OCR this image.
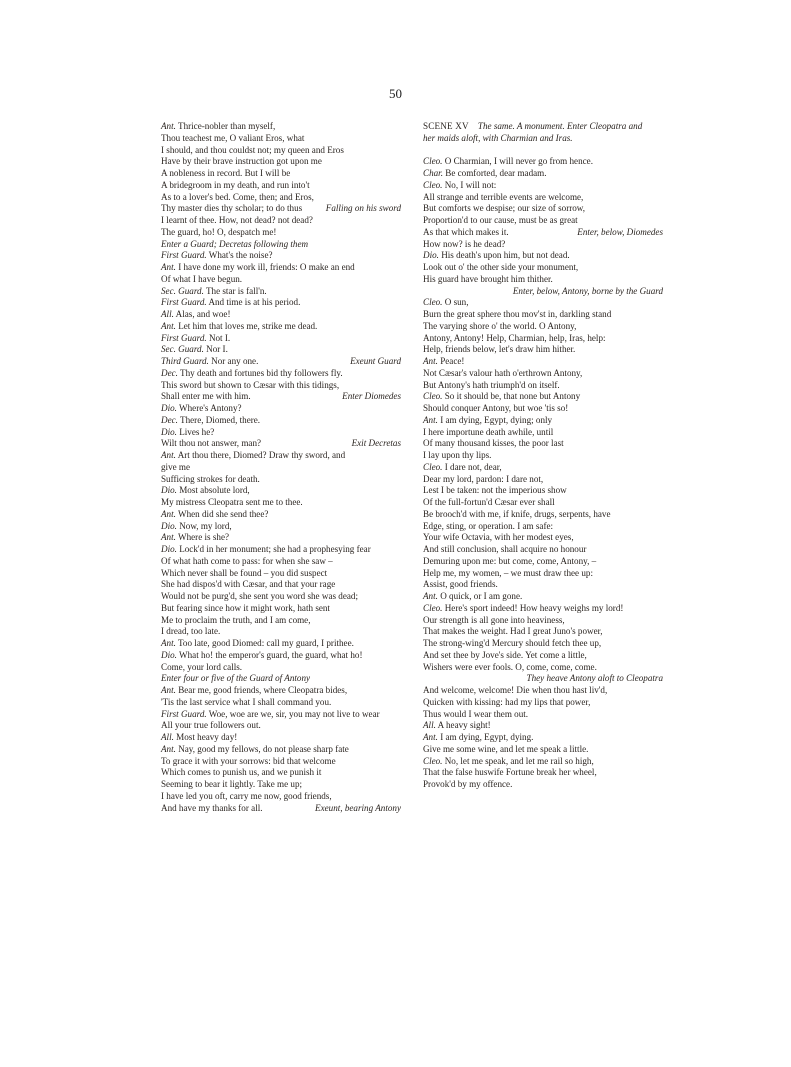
50
Ant. Thrice-nobler than myself,
Thou teachest me, O valiant Eros, what
I should, and thou couldst not; my queen and Eros
Have by their brave instruction got upon me
A nobleness in record. But I will be
A bridegroom in my death, and run into't
As to a lover's bed. Come, then; and Eros,
Thy master dies thy scholar; to do thus	Falling on his sword
I learnt of thee. How, not dead? not dead?
The guard, ho! O, despatch me!
Enter a Guard; Decretas following them
First Guard. What's the noise?
Ant. I have done my work ill, friends: O make an end
Of what I have begun.
Sec. Guard. The star is fall'n.
First Guard. And time is at his period.
All. Alas, and woe!
Ant. Let him that loves me, strike me dead.
First Guard. Not I.
Sec. Guard. Nor I.
Third Guard. Nor any one.	Exeunt Guard
Dec. Thy death and fortunes bid thy followers fly.
This sword but shown to Cæsar with this tidings,
Shall enter me with him.	Enter Diomedes
Dio. Where's Antony?
Dec. There, Diomed, there.
Dio. Lives he?
Wilt thou not answer, man?	Exit Decretas
Ant. Art thou there, Diomed? Draw thy sword, and
give me
Sufficing strokes for death.
Dio. Most absolute lord,
My mistress Cleopatra sent me to thee.
Ant. When did she send thee?
Dio. Now, my lord,
Ant. Where is she?
Dio. Lock'd in her monument; she had a prophesying fear
Of what hath come to pass: for when she saw –
Which never shall be found – you did suspect
She had dispos'd with Cæsar, and that your rage
Would not be purg'd, she sent you word she was dead;
But fearing since how it might work, hath sent
Me to proclaim the truth, and I am come,
I dread, too late.
Ant. Too late, good Diomed: call my guard, I prithee.
Dio. What ho! the emperor's guard, the guard, what ho!
Come, your lord calls.
Enter four or five of the Guard of Antony
Ant. Bear me, good friends, where Cleopatra bides,
'Tis the last service what I shall command you.
First Guard. Woe, woe are we, sir, you may not live to wear
All your true followers out.
All. Most heavy day!
Ant. Nay, good my fellows, do not please sharp fate
To grace it with your sorrows: bid that welcome
Which comes to punish us, and we punish it
Seeming to bear it lightly. Take me up;
I have led you oft, carry me now, good friends,
And have my thanks for all.	Exeunt, bearing Antony
SCENE XV   The same. A monument. Enter Cleopatra and
her maids aloft, with Charmian and Iras.
Cleo. O Charmian, I will never go from hence.
Char. Be comforted, dear madam.
Cleo. No, I will not:
All strange and terrible events are welcome,
But comforts we despise; our size of sorrow,
Proportion'd to our cause, must be as great
As that which makes it.	Enter, below, Diomedes
How now? is he dead?
Dio. His death's upon him, but not dead.
Look out o' the other side your monument,
His guard have brought him thither.
Enter, below, Antony, borne by the Guard
Cleo. O sun,
Burn the great sphere thou mov'st in, darkling stand
The varying shore o' the world. O Antony,
Antony, Antony! Help, Charmian, help, Iras, help:
Help, friends below, let's draw him hither.
Ant. Peace!
Not Cæsar's valour hath o'erthrown Antony,
But Antony's hath triumph'd on itself.
Cleo. So it should be, that none but Antony
Should conquer Antony, but woe 'tis so!
Ant. I am dying, Egypt, dying; only
I here importune death awhile, until
Of many thousand kisses, the poor last
I lay upon thy lips.
Cleo. I dare not, dear,
Dear my lord, pardon: I dare not,
Lest I be taken: not the imperious show
Of the full-fortun'd Cæsar ever shall
Be brooch'd with me, if knife, drugs, serpents, have
Edge, sting, or operation. I am safe:
Your wife Octavia, with her modest eyes,
And still conclusion, shall acquire no honour
Demuring upon me: but come, come, Antony, –
Help me, my women, – we must draw thee up:
Assist, good friends.
Ant. O quick, or I am gone.
Cleo. Here's sport indeed! How heavy weighs my lord!
Our strength is all gone into heaviness,
That makes the weight. Had I great Juno's power,
The strong-wing'd Mercury should fetch thee up,
And set thee by Jove's side. Yet come a little,
Wishers were ever fools. O, come, come, come.
They heave Antony aloft to Cleopatra
And welcome, welcome! Die when thou hast liv'd,
Quicken with kissing: had my lips that power,
Thus would I wear them out.
All. A heavy sight!
Ant. I am dying, Egypt, dying.
Give me some wine, and let me speak a little.
Cleo. No, let me speak, and let me rail so high,
That the false huswife Fortune break her wheel,
Provok'd by my offence.
